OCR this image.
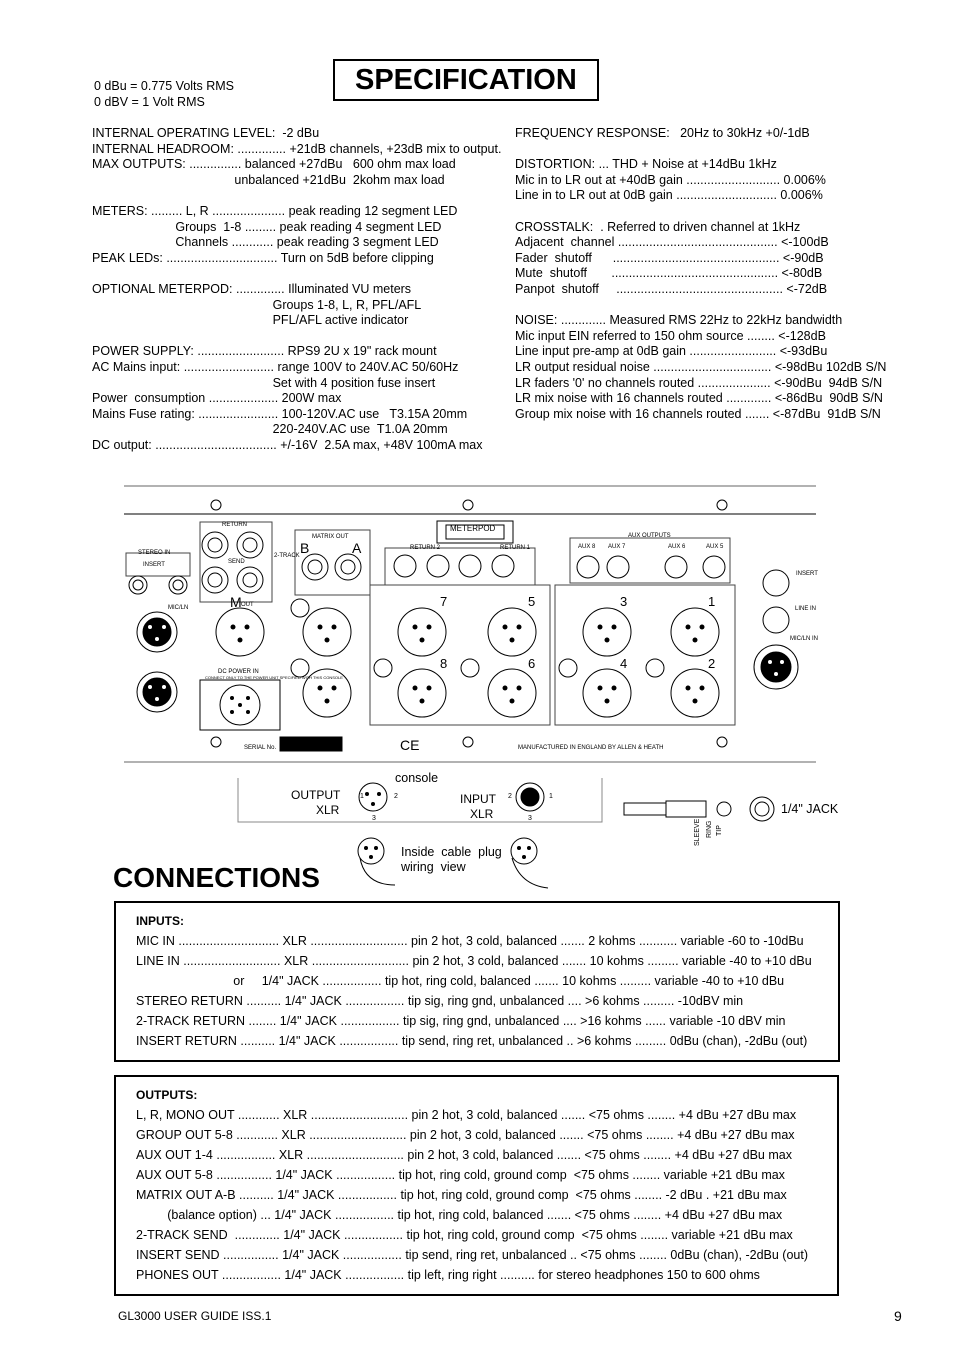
0 dBu = 0.775 Volts RMS
0 dBV = 1 Volt RMS
SPECIFICATION
INTERNAL OPERATING LEVEL:  -2 dBu
INTERNAL HEADROOM: .............. +21dB channels, +23dB mix to output.
MAX OUTPUTS: ............... balanced +27dBu   600 ohm max load
unbalanced +21dBu  2kohm max load

METERS: ......... L, R ..................... peak reading 12 segment LED
Groups  1-8 ......... peak reading 4 segment LED
Channels ............ peak reading 3 segment LED
PEAK LEDs: ................................ Turn on 5dB before clipping

OPTIONAL METERPOD: .............. Illuminated VU meters
Groups 1-8, L, R, PFL/AFL
PFL/AFL active indicator

POWER SUPPLY: ......................... RPS9 2U x 19" rack mount
AC Mains input: .......................... range 100V to 240V.AC 50/60Hz
Set with 4 position fuse insert
Power  consumption .................... 200W max
Mains Fuse rating: ....................... 100-120V.AC use   T3.15A 20mm
220-240V.AC use  T1.0A 20mm
DC output: ................................... +/-16V  2.5A max, +48V 100mA max
FREQUENCY RESPONSE:   20Hz to 30kHz +0/-1dB

DISTORTION: ... THD + Noise at +14dBu 1kHz
Mic in to LR out at +40dB gain ........................... 0.006%
Line in to LR out at 0dB gain ............................. 0.006%

CROSSTALK:  . Referred to driven channel at 1kHz
Adjacent  channel .............................................. <-100dB
Fader  shutoff      ................................................ <-90dB
Mute  shutoff       ................................................ <-80dB
Panpot  shutoff     ................................................ <-72dB

NOISE: ............. Measured RMS 22Hz to 22kHz bandwidth
Mic input EIN referred to 150 ohm source ........ <-128dB
Line input pre-amp at 0dB gain ......................... <-93dBu
LR output residual noise .................................. <-98dBu 102dB S/N
LR faders '0' no channels routed ..................... <-90dBu  94dB S/N
LR mix noise with 16 channels routed ............. <-86dBu  90dB S/N
Group mix noise with 16 channels routed ....... <-87dBu  91dB S/N
METERPOD
MATRIX OUT
RETURN
SEND
2-TRACK
STEREO IN
INSERT
B	A
M OUT
MIC/LN
RETURN 2	RETURN 1
AUX OUTPUTS
AUX 8 AUX 7	AUX 6	AUX 5
7	5
8	6
3	1
4	2
INSERT
LINE IN
MIC/LN IN
DC POWER IN
CONNECT ONLY TO THE POWER UNIT SPECIFIED WITH THIS CONSOLE
SERIAL No.	CE	MANUFACTURED IN ENGLAND BY ALLEN & HEATH
1	2
3
1
2
3
SLEEVE RING TIP
console
OUTPUT
XLR
INPUT
XLR
Inside  cable  plug
wiring  view
1/4" JACK
CONNECTIONS
INPUTS:
MIC IN ............................. XLR ............................ pin 2 hot, 3 cold, balanced ....... 2 kohms ........... variable -60 to -10dBu
LINE IN ............................ XLR ............................ pin 2 hot, 3 cold, balanced ....... 10 kohms ......... variable -40 to +10 dBu
or     1/4" JACK ................. tip hot, ring cold, balanced ....... 10 kohms ......... variable -40 to +10 dBu
STEREO RETURN .......... 1/4" JACK ................. tip sig, ring gnd, unbalanced .... >6 kohms ......... -10dBV min
2-TRACK RETURN ........ 1/4" JACK ................. tip sig, ring gnd, unbalanced .... >16 kohms ...... variable -10 dBV min
INSERT RETURN .......... 1/4" JACK ................. tip send, ring ret, unbalanced .. >6 kohms ......... 0dBu (chan), -2dBu (out)
OUTPUTS:
L, R, MONO OUT ............ XLR ............................ pin 2 hot, 3 cold, balanced ....... <75 ohms ........ +4 dBu +27 dBu max
GROUP OUT 5-8 ............ XLR ............................ pin 2 hot, 3 cold, balanced ....... <75 ohms ........ +4 dBu +27 dBu max
AUX OUT 1-4 ................. XLR ............................ pin 2 hot, 3 cold, balanced ....... <75 ohms ........ +4 dBu +27 dBu max
AUX OUT 5-8 ................ 1/4" JACK ................. tip hot, ring cold, ground comp  <75 ohms ........ variable +21 dBu max
MATRIX OUT A-B .......... 1/4" JACK ................. tip hot, ring cold, ground comp  <75 ohms ........ -2 dBu . +21 dBu max
(balance option) ... 1/4" JACK ................. tip hot, ring cold, balanced ....... <75 ohms ........ +4 dBu +27 dBu max
2-TRACK SEND  ............. 1/4" JACK ................. tip hot, ring cold, ground comp  <75 ohms ........ variable +21 dBu max
INSERT SEND ................ 1/4" JACK ................. tip send, ring ret, unbalanced .. <75 ohms ........ 0dBu (chan), -2dBu (out)
PHONES OUT ................. 1/4" JACK ................. tip left, ring right .......... for stereo headphones 150 to 600 ohms
GL3000 USER GUIDE ISS.1	9
